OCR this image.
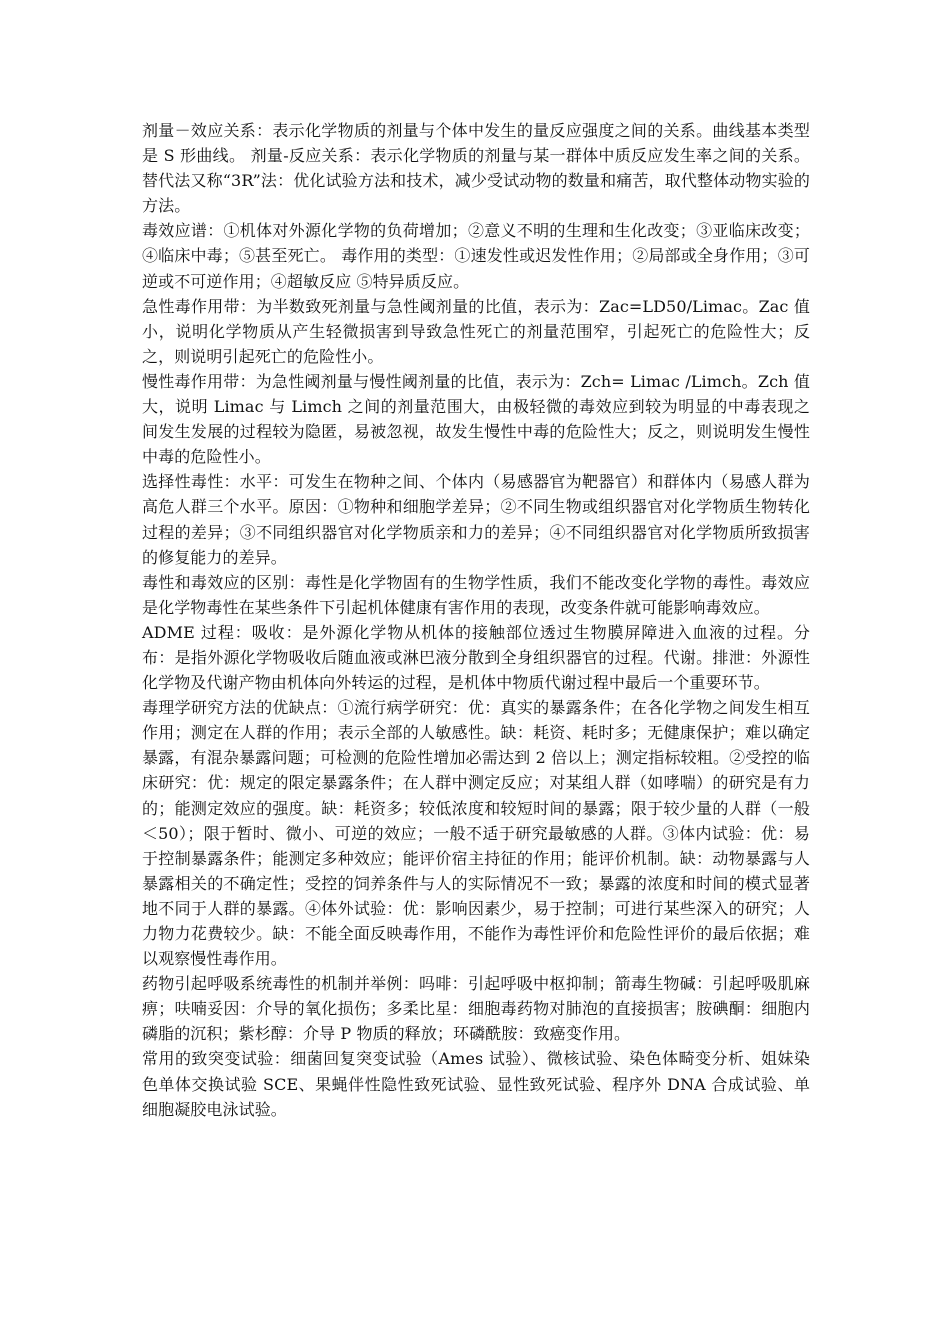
剂量－效应关系：表示化学物质的剂量与个体中发生的量反应强度之间的关系。曲线基本类型是 S 形曲线。 剂量-反应关系：表示化学物质的剂量与某一群体中质反应发生率之间的关系。 替代法又称“3R”法：优化试验方法和技术，减少受试动物的数量和痛苦，取代整体动物实验的方法。

毒效应谱：①机体对外源化学物的负荷增加；②意义不明的生理和生化改变；③亚临床改变；④临床中毒；⑤甚至死亡。 毒作用的类型：①速发性或迟发性作用；②局部或全身作用；③可逆或不可逆作用；④超敏反应 ⑤特异质反应。

急性毒作用带：为半数致死剂量与急性阈剂量的比值，表示为：Zac=LD50/Limac。Zac 值小，说明化学物质从产生轻微损害到导致急性死亡的剂量范围窄，引起死亡的危险性大；反之，则说明引起死亡的危险性小。

慢性毒作用带：为急性阈剂量与慢性阈剂量的比值，表示为：Zch= Limac /Limch。Zch 值大，说明 Limac 与 Limch 之间的剂量范围大，由极轻微的毒效应到较为明显的中毒表现之间发生发展的过程较为隐匿，易被忽视，故发生慢性中毒的危险性大；反之，则说明发生慢性中毒的危险性小。

选择性毒性：水平：可发生在物种之间、个体内（易感器官为靶器官）和群体内（易感人群为高危人群三个水平。原因：①物种和细胞学差异；②不同生物或组织器官对化学物质生物转化过程的差异；③不同组织器官对化学物质亲和力的差异；④不同组织器官对化学物质所致损害的修复能力的差异。

毒性和毒效应的区别：毒性是化学物固有的生物学性质，我们不能改变化学物的毒性。毒效应是化学物毒性在某些条件下引起机体健康有害作用的表现，改变条件就可能影响毒效应。

ADME 过程：吸收：是外源化学物从机体的接触部位透过生物膜屏障进入血液的过程。分布：是指外源化学物吸收后随血液或淋巴液分散到全身组织器官的过程。代谢。排泄：外源性化学物及代谢产物由机体向外转运的过程，是机体中物质代谢过程中最后一个重要环节。

毒理学研究方法的优缺点：①流行病学研究：优：真实的暴露条件；在各化学物之间发生相互作用；测定在人群的作用；表示全部的人敏感性。缺：耗资、耗时多；无健康保护；难以确定暴露，有混杂暴露问题；可检测的危险性增加必需达到 2 倍以上；测定指标较粗。②受控的临床研究：优：规定的限定暴露条件；在人群中测定反应；对某组人群（如哮喘）的研究是有力的；能测定效应的强度。缺：耗资多；较低浓度和较短时间的暴露；限于较少量的人群（一般＜50）；限于暂时、微小、可逆的效应；一般不适于研究最敏感的人群。③体内试验：优：易于控制暴露条件；能测定多种效应；能评价宿主持征的作用；能评价机制。缺：动物暴露与人暴露相关的不确定性；受控的饲养条件与人的实际情况不一致；暴露的浓度和时间的模式显著地不同于人群的暴露。④体外试验：优：影响因素少，易于控制；可进行某些深入的研究；人力物力花费较少。缺：不能全面反映毒作用，不能作为毒性评价和危险性评价的最后依据；难以观察慢性毒作用。

药物引起呼吸系统毒性的机制并举例：吗啡：引起呼吸中枢抑制；箭毒生物碱：引起呼吸肌麻痹；呋喃妥因：介导的氧化损伤；多柔比星：细胞毒药物对肺泡的直接损害；胺碘酮：细胞内磷脂的沉积；紫杉醇：介导 P 物质的释放；环磷酰胺：致癌变作用。

常用的致突变试验：细菌回复突变试验（Ames 试验）、微核试验、染色体畸变分析、姐妹染色单体交换试验 SCE、果蝇伴性隐性致死试验、显性致死试验、程序外 DNA 合成试验、单细胞凝胶电泳试验。
